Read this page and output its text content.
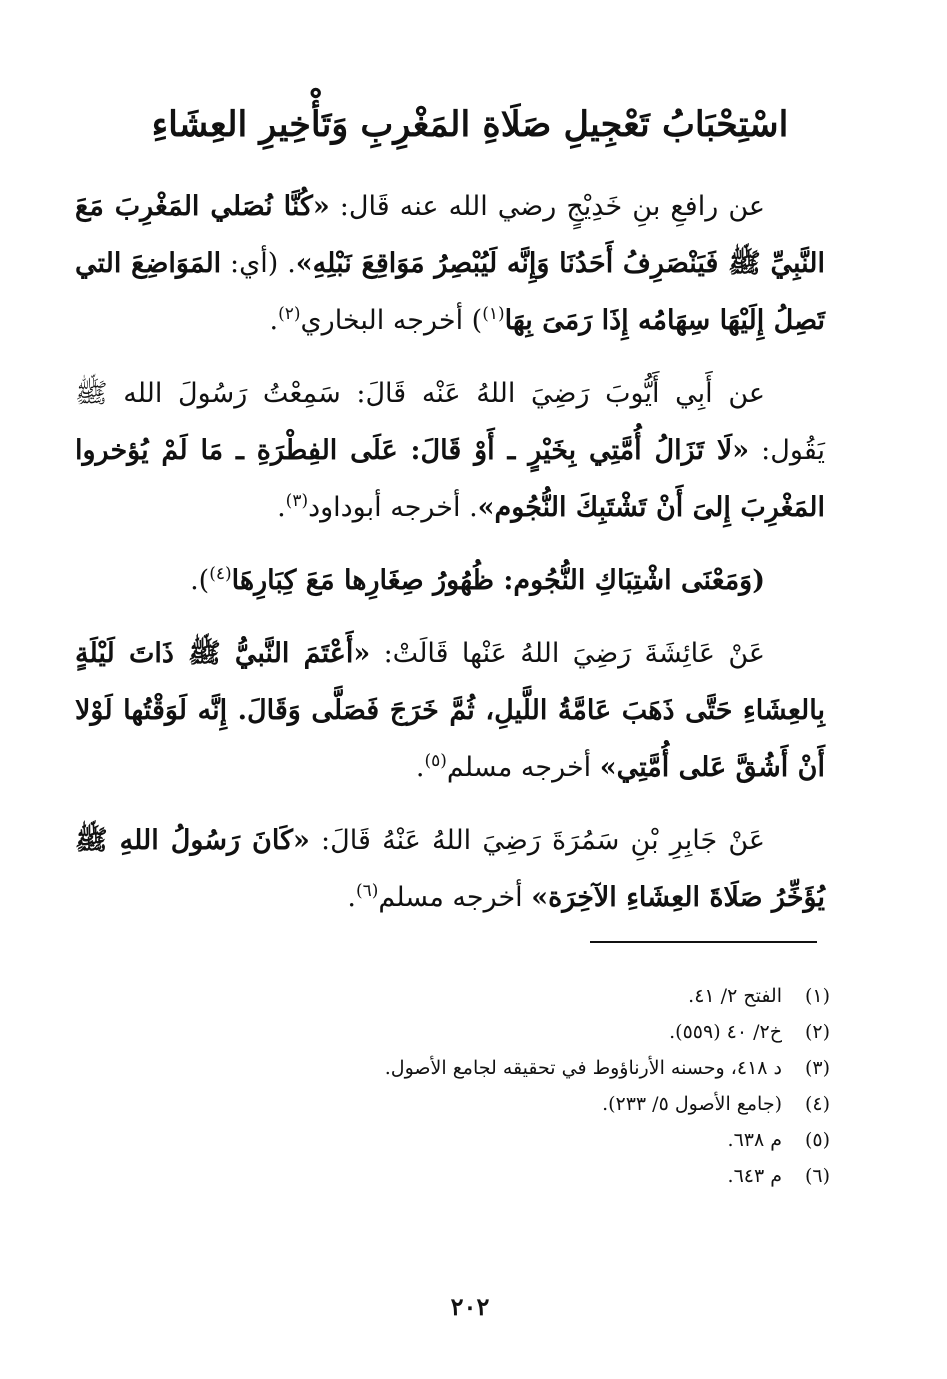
اسْتِحْبَابُ تَعْجِيلِ صَلَاةِ المَغْرِبِ وَتَأْخِيرِ العِشَاءِ

عن رافعِ بنِ خَدِيْجٍ رضي الله عنه قَال: «كُنَّا نُصَلي المَغْرِبَ مَعَ النَّبِيِّ ﷺ فَيَنْصَرِفُ أَحَدُنَا وَإِنَّه لَيُبْصِرُ مَوَاقِعَ نَبْلِهِ». (أي: المَوَاضِعَ التي تَصِلُ إِلَيْهَا سِهَامُه إِذَا رَمَىَ بِهَا$^{(١)}$) أخرجه البخاري$^{(٢)}$.

عن أَبِي أَيُّوبَ رَضِيَ اللهُ عَنْه قَالَ: سَمِعْتُ رَسُولَ الله ﷺ يَقُول: «لَا تَزَالُ أُمَّتِي بِخَيْرٍ ـ أَوْ قَالَ: عَلَى الفِطْرَةِ ـ مَا لَمْ يُؤخروا المَغْرِبَ إِلىَ أَنْ تَشْتَبِكَ النُّجُوم». أخرجه أبوداود$^{(٣)}$.

(وَمَعْنَى اشْتِبَاكِ النُّجُوم: ظُهُورُ صِغَارِها مَعَ كِبَارِهَا$^{(٤)}$).

عَنْ عَائِشَةَ رَضِيَ اللهُ عَنْها قَالَتْ: «أَعْتَمَ النَّبيُّ ﷺ ذَاتَ لَيْلَةٍ بِالعِشَاءِ حَتَّى ذَهَبَ عَامَّةُ اللَّيلِ، ثُمَّ خَرَجَ فَصَلَّى وَقَالَ. إِنَّه لَوَقْتُها لَوْلا أَنْ أَشُقَّ عَلى أُمَّتِي» أخرجه مسلم$^{(٥)}$.

عَنْ جَابِرِ بْنِ سَمُرَةَ رَضِيَ اللهُ عَنْهُ قَالَ: «كَانَ رَسُولُ اللهِ ﷺ يُؤَخِّرُ صَلَاةَ العِشَاءِ الآخِرَة» أخرجه مسلم$^{(٦)}$.

(١)الفتح ٢/ ٤١.
(٢)خ٢/ ٤٠ (٥٥٩).
(٣)د ٤١٨، وحسنه الأرناؤوط في تحقيقه لجامع الأصول.
(٤)(جامع الأصول ٥/ ٢٣٣).
(٥)م ٦٣٨.
(٦)م ٦٤٣.
٢٠٢
